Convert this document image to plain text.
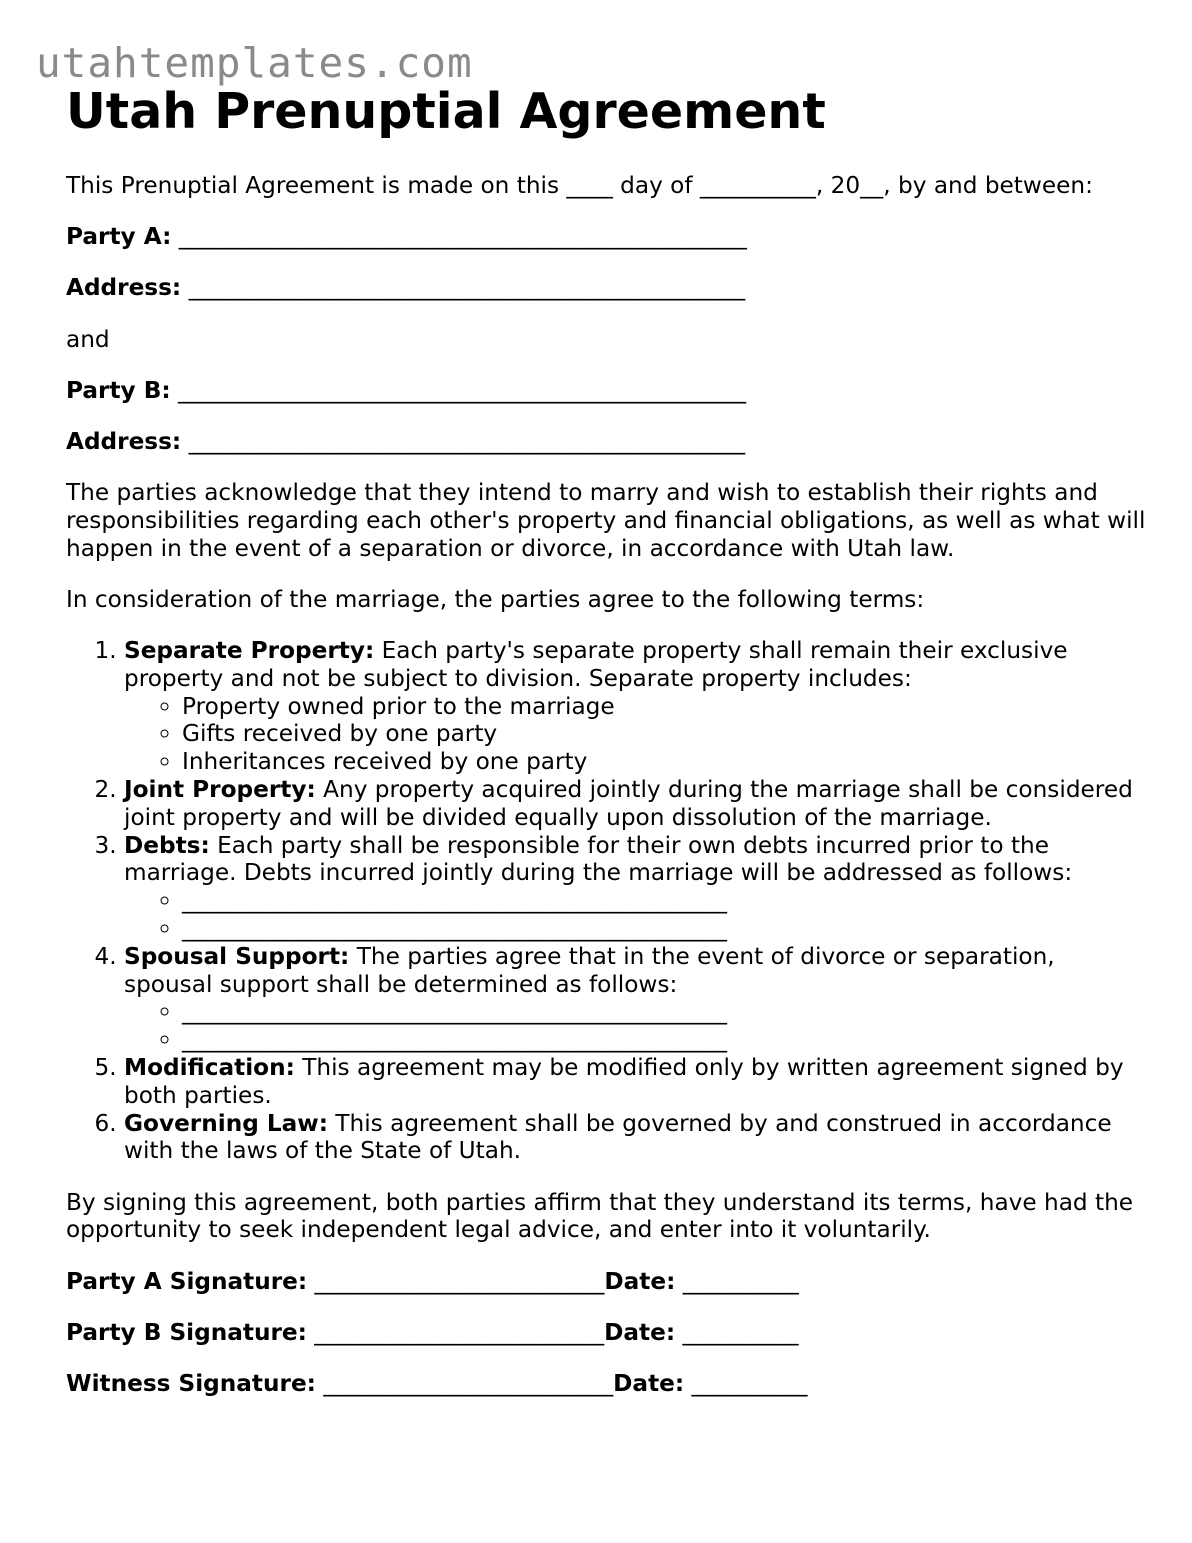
utahtemplates.com
Utah Prenuptial Agreement

This Prenuptial Agreement is made on this ____ day of __________, 20__, by and between:

Party A: _________________________________________________

Address: ________________________________________________

and

Party B: _________________________________________________

Address: ________________________________________________

The parties acknowledge that they intend to marry and wish to establish their rights and responsibilities regarding each other's property and financial obligations, as well as what will happen in the event of a separation or divorce, in accordance with Utah law.

In consideration of the marriage, the parties agree to the following terms:

1. Separate Property: Each party's separate property shall remain their exclusive property and not be subject to division. Separate property includes:
◦ Property owned prior to the marriage
◦ Gifts received by one party
◦ Inheritances received by one party
2. Joint Property: Any property acquired jointly during the marriage shall be considered joint property and will be divided equally upon dissolution of the marriage.
3. Debts: Each party shall be responsible for their own debts incurred prior to the marriage. Debts incurred jointly during the marriage will be addressed as follows:
◦ _______________________________________________
◦ _______________________________________________
4. Spousal Support: The parties agree that in the event of divorce or separation, spousal support shall be determined as follows:
◦ _______________________________________________
◦ _______________________________________________
5. Modification: This agreement may be modified only by written agreement signed by both parties.
6. Governing Law: This agreement shall be governed by and construed in accordance with the laws of the State of Utah.

By signing this agreement, both parties affirm that they understand its terms, have had the opportunity to seek independent legal advice, and enter into it voluntarily.

Party A Signature: _________________________Date: __________

Party B Signature: _________________________Date: __________

Witness Signature: _________________________Date: __________
